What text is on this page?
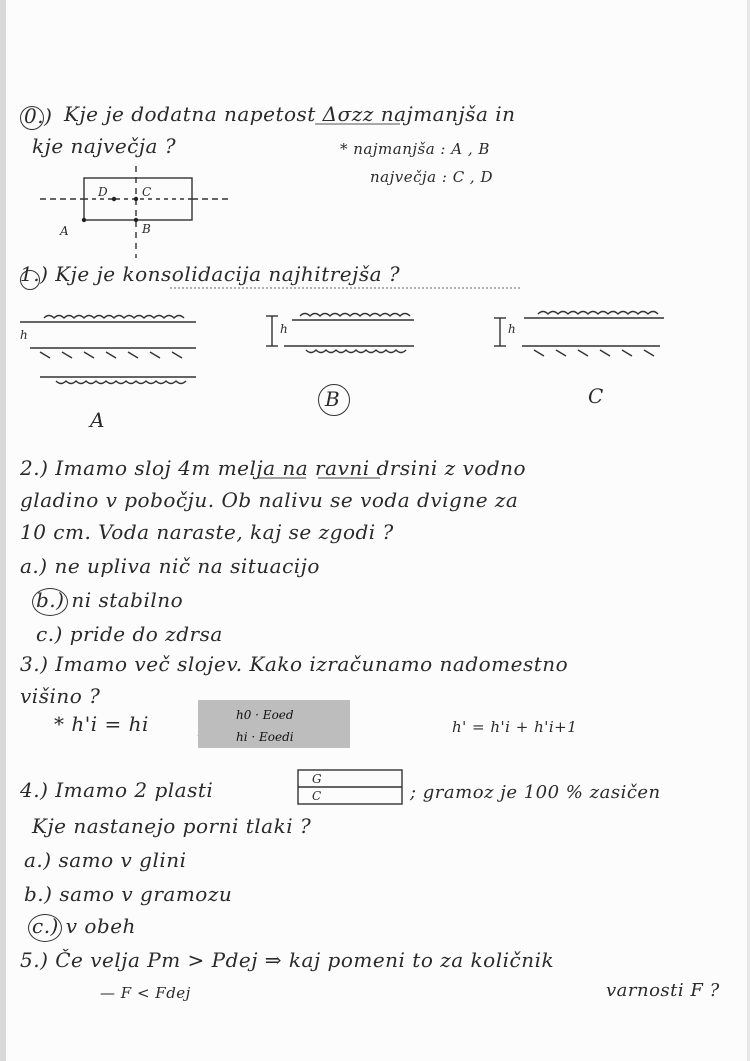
0.) Kje je dodatna napetost Δσzz najmanjša in
kje največja ?	* najmanjša : A , B
največja : C , D
D	C
A	B
1.) Kje je konsolidacija najhitrejša ?
h	h	h
A
B	C
2.) Imamo sloj 4m melja na ravni drsini z vodno
gladino v pobočju. Ob nalivu se voda dvigne za
10 cm. Voda naraste, kaj se zgodi ?
a.) ne upliva nič na situacijo
b.) ni stabilno
c.) pride do zdrsa
3.) Imamo več slojev. Kako izračunamo nadomestno
višino ?
* h'i = hi	h0 · Eoed
hi · Eoedi
h' = h'i + h'i+1
4.) Imamo 2 plasti	G
C	; gramoz je 100 % zasičen
Kje nastanejo porni tlaki ?
a.) samo v glini
b.) samo v gramozu
c.) v obeh
5.) Če velja Pm > Pdej ⇒ kaj pomeni to za količnik
— F < Fdej	varnosti F ?
